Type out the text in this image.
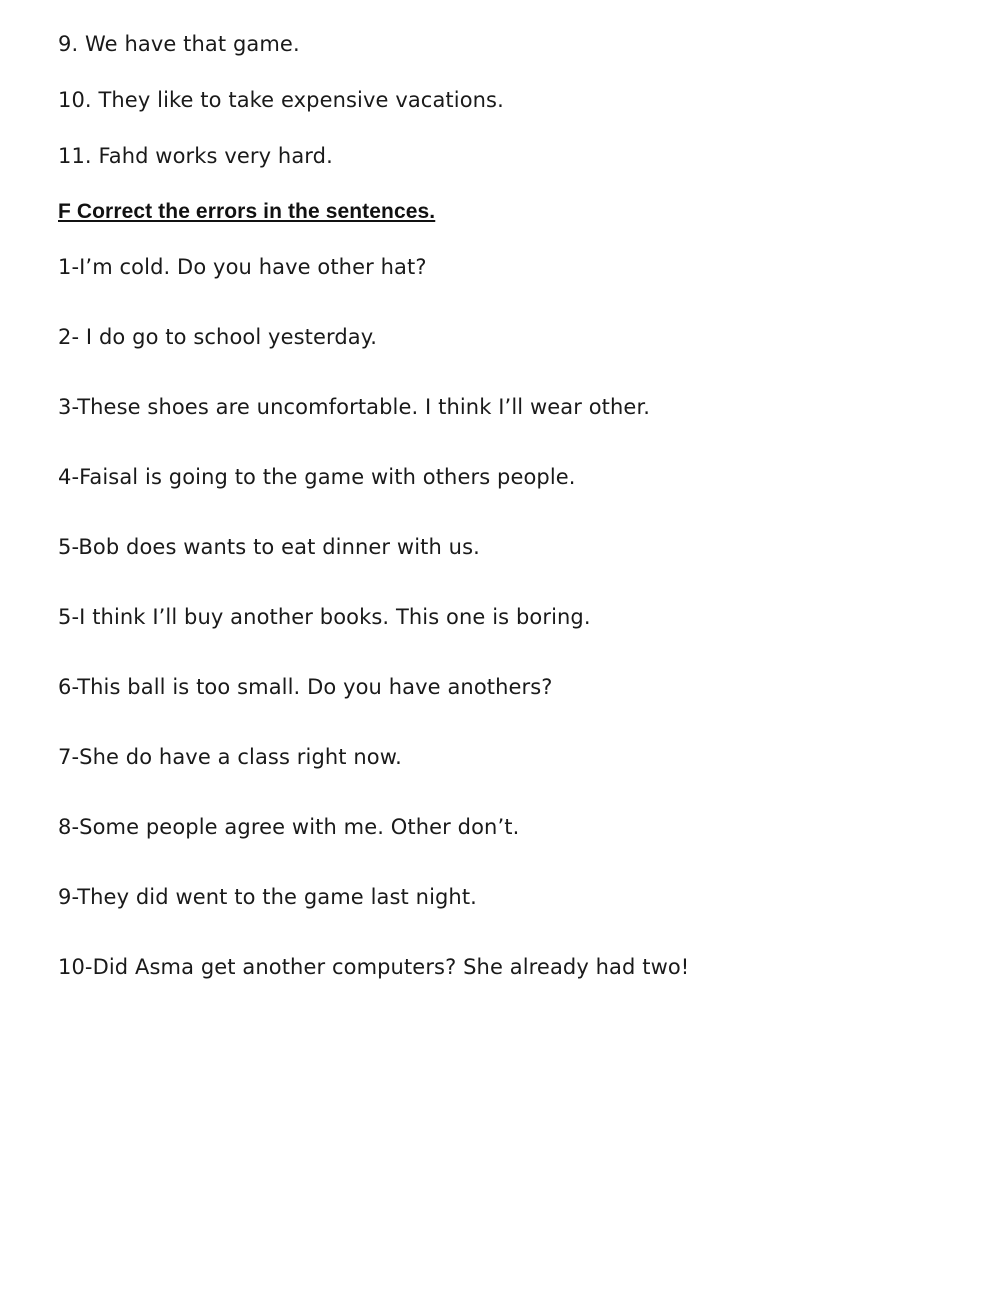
9. We have that game.
10. They like to take expensive vacations.
11. Fahd works very hard.
F Correct the errors in the sentences.
1-I’m cold. Do you have other hat?
2- I do go to school yesterday.
3-These shoes are uncomfortable. I think I’ll wear other.
4-Faisal is going to the game with others people.
5-Bob does wants to eat dinner with us.
5-I think I’ll buy another books. This one is boring.
6-This ball is too small. Do you have anothers?
7-She do have a class right now.
8-Some people agree with me. Other don’t.
9-They did went to the game last night.
10-Did Asma get another computers? She already had two!
